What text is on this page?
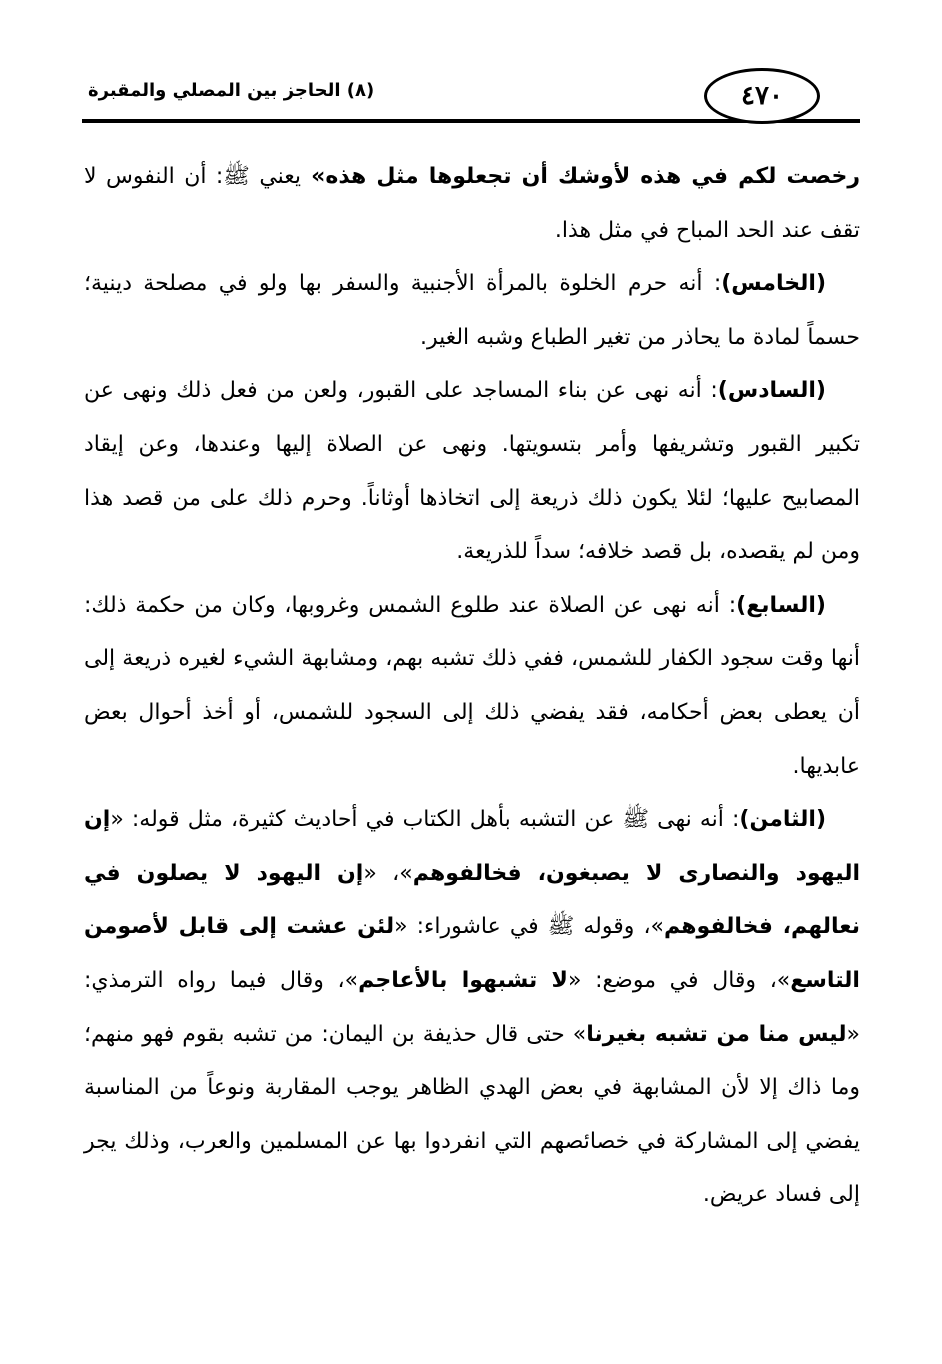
٤٧٠
(٨) الحاجز بين المصلي والمقبرة

رخصت لكم في هذه لأوشك أن تجعلوها مثل هذه» يعني ﷺ: أن النفوس لا تقف عند الحد المباح في مثل هذا.

(الخامس): أنه حرم الخلوة بالمرأة الأجنبية والسفر بها ولو في مصلحة دينية؛ حسماً لمادة ما يحاذر من تغير الطباع وشبه الغير.

(السادس): أنه نهى عن بناء المساجد على القبور، ولعن من فعل ذلك ونهى عن تكبير القبور وتشريفها وأمر بتسويتها. ونهى عن الصلاة إليها وعندها، وعن إيقاد المصابيح عليها؛ لئلا يكون ذلك ذريعة إلى اتخاذها أوثاناً. وحرم ذلك على من قصد هذا ومن لم يقصده، بل قصد خلافه؛ سداً للذريعة.

(السابع): أنه نهى عن الصلاة عند طلوع الشمس وغروبها، وكان من حكمة ذلك: أنها وقت سجود الكفار للشمس، ففي ذلك تشبه بهم، ومشابهة الشيء لغيره ذريعة إلى أن يعطى بعض أحكامه، فقد يفضي ذلك إلى السجود للشمس، أو أخذ أحوال بعض عابديها.

(الثامن): أنه نهى ﷺ عن التشبه بأهل الكتاب في أحاديث كثيرة، مثل قوله: «إن اليهود والنصارى لا يصبغون، فخالفوهم»، «إن اليهود لا يصلون في نعالهم، فخالفوهم»، وقوله ﷺ في عاشوراء: «لئن عشت إلى قابل لأصومن التاسع»، وقال في موضع: «لا تشبهوا بالأعاجم»، وقال فيما رواه الترمذي: «ليس منا من تشبه بغيرنا» حتى قال حذيفة بن اليمان: من تشبه بقوم فهو منهم؛ وما ذاك إلا لأن المشابهة في بعض الهدي الظاهر يوجب المقاربة ونوعاً من المناسبة يفضي إلى المشاركة في خصائصهم التي انفردوا بها عن المسلمين والعرب، وذلك يجر إلى فساد عريض.
